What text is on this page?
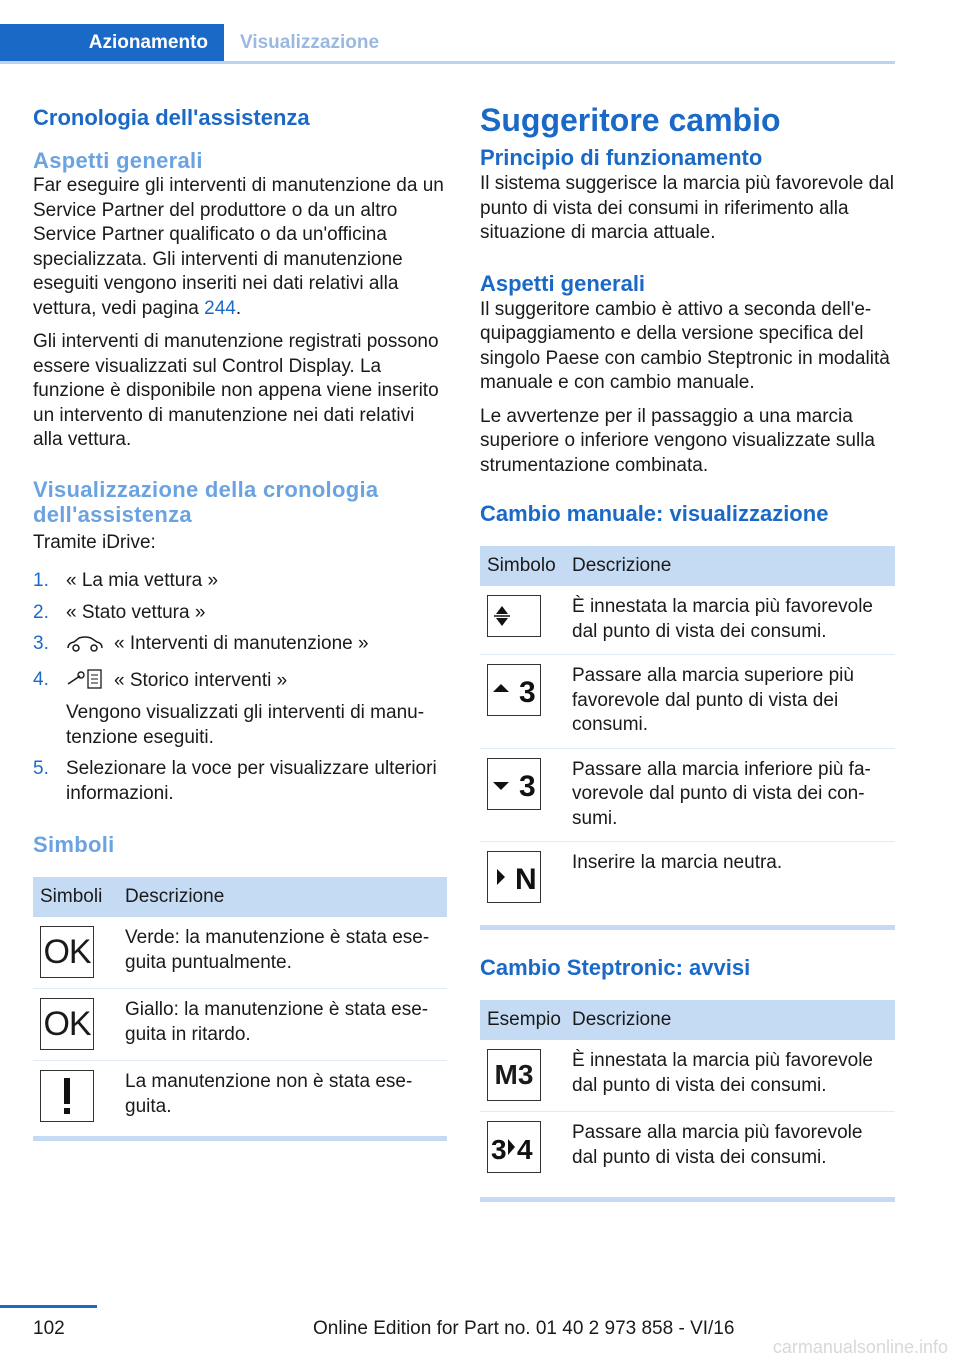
Azionamento	Visualizzazione
Cronologia dell'assistenza
Aspetti generali

Far eseguire gli interventi di manutenzione da un Service Partner del produttore o da un altro Service Partner qualificato o da un'officina specializzata. Gli interventi di manutenzione eseguiti vengono inseriti nei dati relativi alla vettura, vedi pagina 244.

Gli interventi di manutenzione registrati possono essere visualizzati sul Control Display. La funzione è disponibile non appena viene inserito un intervento di manutenzione nei dati relativi alla vettura.

Visualizzazione della cronologia dell'assistenza

Tramite iDrive:

1. « La mia vettura »
2. « Stato vettura »
3.	« Interventi di manutenzione »
4.	« Storico interventi »
Vengono visualizzati gli interventi di manutenzione eseguiti.
5. Selezionare la voce per visualizzare ulteriori informazioni.
Simboli
Simboli	Descrizione

OK	Verde: la manutenzione è stata eseguita puntualmente.

OK	Giallo: la manutenzione è stata eseguita in ritardo.

	La manutenzione non è stata eseguita.
Suggeritore cambio
Principio di funzionamento

Il sistema suggerisce la marcia più favorevole dal punto di vista dei consumi in riferimento alla situazione di marcia attuale.

Aspetti generali

Il suggeritore cambio è attivo a seconda dell'equipaggiamento e della versione specifica del singolo Paese con cambio Steptronic in modalità manuale e con cambio manuale.

Le avvertenze per il passaggio a una marcia superiore o inferiore vengono visualizzate sulla strumentazione combinata.

Cambio manuale: visualizzazione
Simbolo	Descrizione

	È innestata la marcia più favorevole dal punto di vista dei consumi.

3	Passare alla marcia superiore più favorevole dal punto di vista dei consumi.

3	Passare alla marcia inferiore più favorevole dal punto di vista dei consumi.

N	Inserire la marcia neutra.
Cambio Steptronic: avvisi
Esempio	Descrizione

M3	È innestata la marcia più favorevole dal punto di vista dei consumi.

3 4	Passare alla marcia più favorevole dal punto di vista dei consumi.
102	Online Edition for Part no. 01 40 2 973 858 - VI/16
carmanualsonline.info
